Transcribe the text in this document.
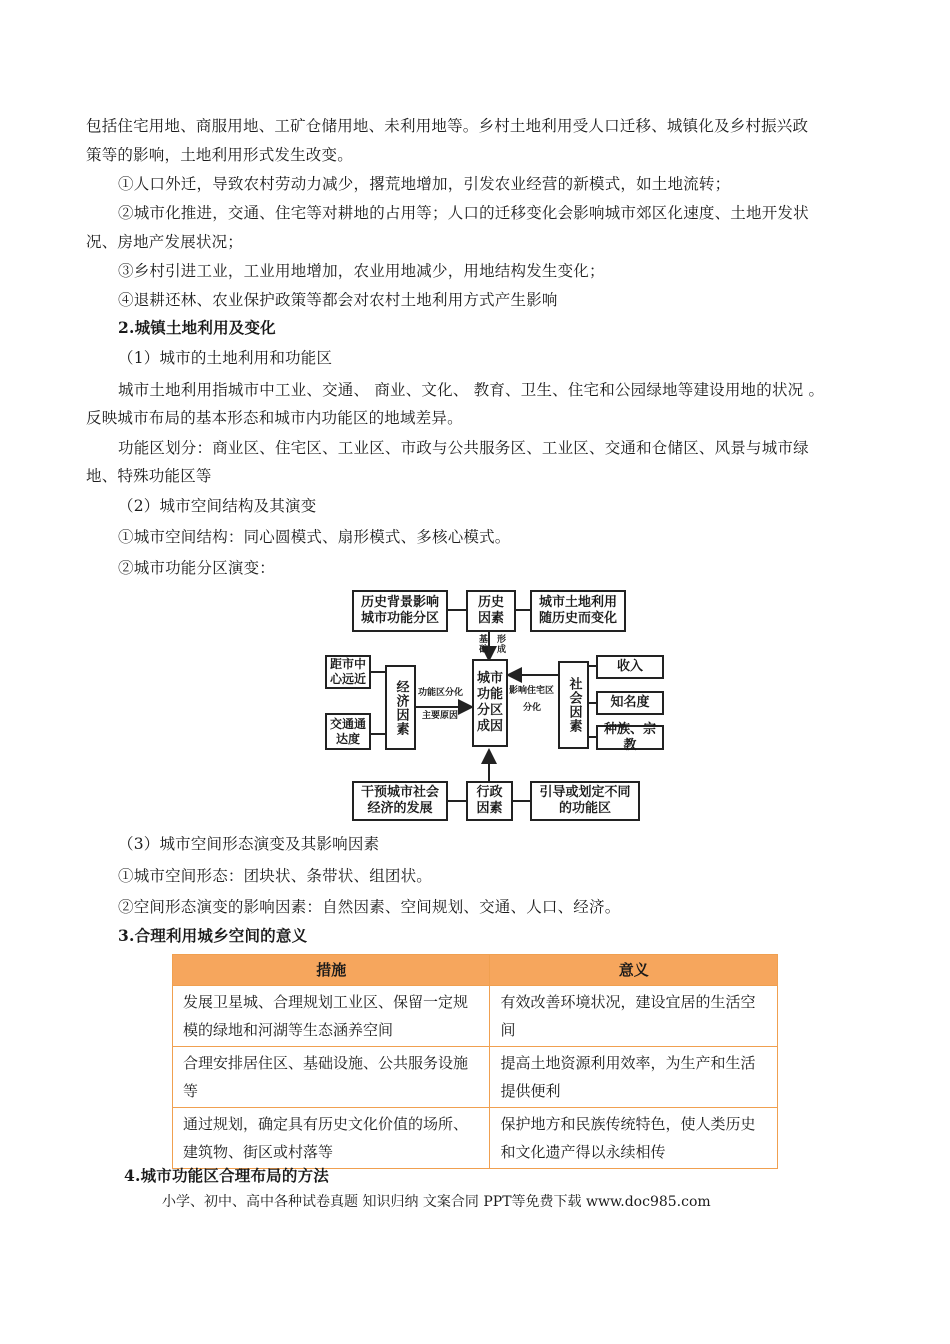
包括住宅用地、商服用地、工矿仓储用地、未利用地等。乡村土地利用受人口迁移、城镇化及乡村振兴政
策等的影响，土地利用形式发生改变。
①人口外迁，导致农村劳动力减少，撂荒地增加，引发农业经营的新模式，如土地流转；
②城市化推进，交通、住宅等对耕地的占用等；人口的迁移变化会影响城市郊区化速度、土地开发状
况、房地产发展状况；
③乡村引进工业，工业用地增加，农业用地减少，用地结构发生变化；
④退耕还林、农业保护政策等都会对农村土地利用方式产生影响
2.城镇土地利用及变化
（1）城市的土地利用和功能区
城市土地利用指城市中工业、交通、 商业、文化、 教育、卫生、住宅和公园绿地等建设用地的状况 。
反映城市布局的基本形态和城市内功能区的地域差异。
功能区划分：商业区、住宅区、工业区、市政与公共服务区、工业区、交通和仓储区、风景与城市绿
地、特殊功能区等
（2）城市空间结构及其演变
①城市空间结构：同心圆模式、扇形模式、多核心模式。
②城市功能分区演变：
历史背景影响城市功能分区
历史因素
城市土地利用随历史而变化
基础 形成
距市中心远近
经济因素
交通通达度
功能区分化
主要原因
城市功能分区成因
影响住宅区
分化 社会因素
收入
知名度
种族、宗教
干预城市社会经济的发展
行政因素
引导或划定不同的功能区
（3）城市空间形态演变及其影响因素
①城市空间形态：团块状、条带状、组团状。
②空间形态演变的影响因素：自然因素、空间规划、交通、人口、经济。
3.合理利用城乡空间的意义
措施	意义
发展卫星城、合理规划工业区、保留一定规模的绿地和河湖等生态涵养空间	有效改善环境状况，建设宜居的生活空间
合理安排居住区、基础设施、公共服务设施等	提高土地资源利用效率，为生产和生活提供便利
通过规划，确定具有历史文化价值的场所、建筑物、街区或村落等	保护地方和民族传统特色，使人类历史和文化遗产得以永续相传
4.城市功能区合理布局的方法
小学、初中、高中各种试卷真题 知识归纳 文案合同 PPT等免费下载 www.doc985.com
